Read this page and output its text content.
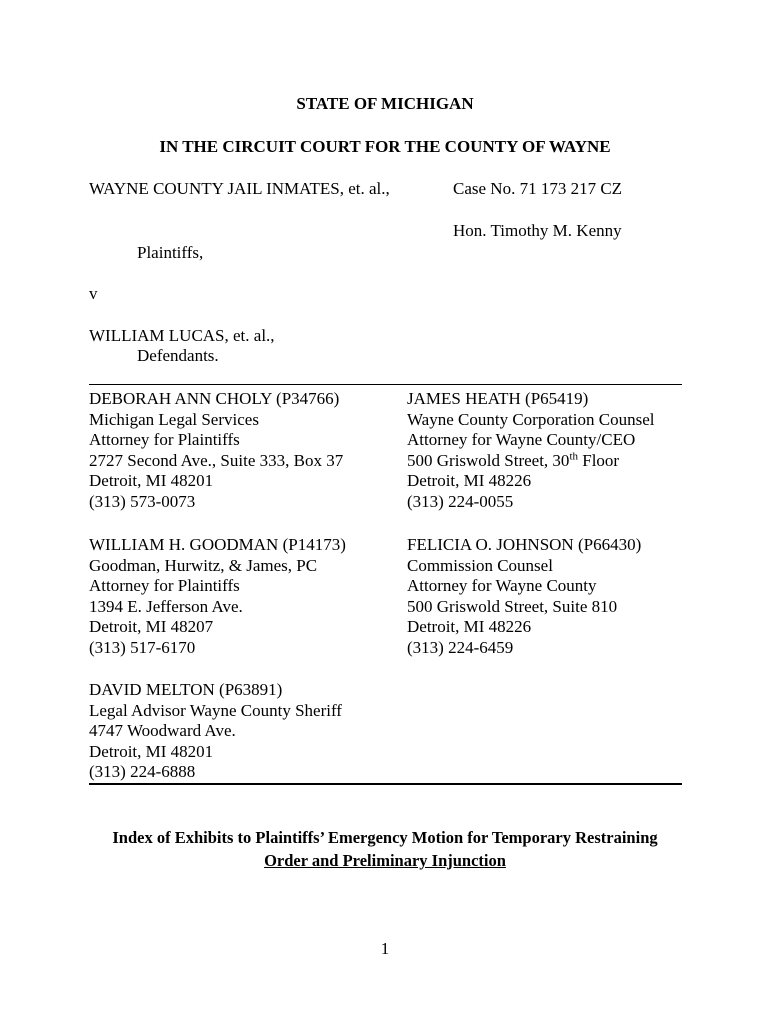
STATE OF MICHIGAN
IN THE CIRCUIT COURT FOR THE COUNTY OF WAYNE
WAYNE COUNTY JAIL INMATES, et. al.,	Case No. 71 173 217 CZ
Hon. Timothy M. Kenny
Plaintiffs,
v
WILLIAM LUCAS, et. al.,
Defendants.
DEBORAH ANN CHOLY (P34766)
Michigan Legal Services
Attorney for Plaintiffs
2727 Second Ave., Suite 333, Box 37
Detroit, MI 48201
(313) 573-0073
JAMES HEATH (P65419)
Wayne County Corporation Counsel
Attorney for Wayne County/CEO
500 Griswold Street, 30th Floor
Detroit, MI 48226
(313) 224-0055
WILLIAM H. GOODMAN (P14173)
Goodman, Hurwitz, & James, PC
Attorney for Plaintiffs
1394 E. Jefferson Ave.
Detroit, MI 48207
(313) 517-6170
FELICIA O. JOHNSON (P66430)
Commission Counsel
Attorney for Wayne County
500 Griswold Street, Suite 810
Detroit, MI 48226
(313) 224-6459
DAVID MELTON (P63891)
Legal Advisor Wayne County Sheriff
4747 Woodward Ave.
Detroit, MI 48201
(313) 224-6888
Index of Exhibits to Plaintiffs’ Emergency Motion for Temporary Restraining
Order and Preliminary Injunction
1
